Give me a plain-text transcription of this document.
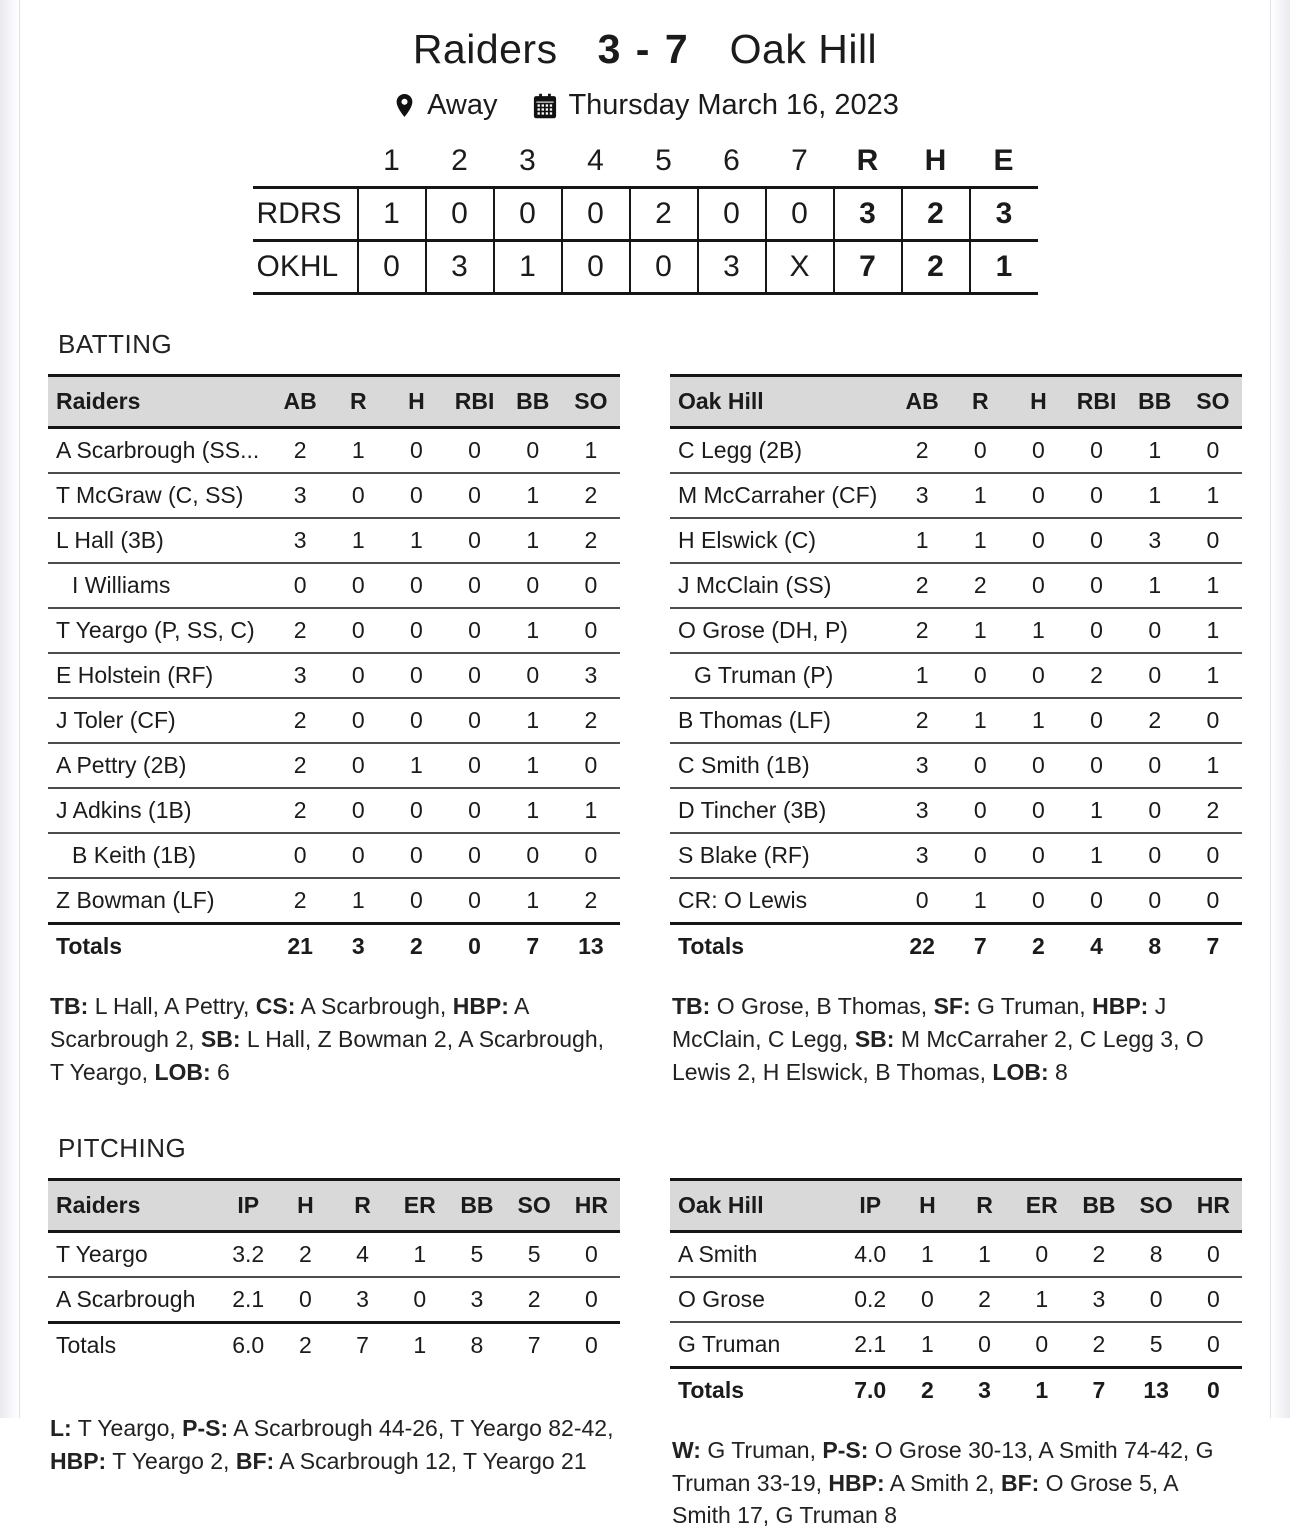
Raiders 3 - 7 Oak Hill
Away Thursday March 16, 2023
	1	2	3	4	5	6	7	R	H	E
RDRS	1	0	0	0	2	0	0	3	2	3
OKHL	0	3	1	0	0	3	X	7	2	1
BATTING
Raiders	AB	R	H	RBI	BB	SO
A Scarbrough (SS...	2	1	0	0	0	1
T McGraw (C, SS)	3	0	0	0	1	2
L Hall (3B)	3	1	1	0	1	2
I Williams	0	0	0	0	0	0
T Yeargo (P, SS, C)	2	0	0	0	1	0
E Holstein (RF)	3	0	0	0	0	3
J Toler (CF)	2	0	0	0	1	2
A Pettry (2B)	2	0	1	0	1	0
J Adkins (1B)	2	0	0	0	1	1
B Keith (1B)	0	0	0	0	0	0
Z Bowman (LF)	2	1	0	0	1	2
Totals	21	3	2	0	7	13
TB: L Hall, A Pettry, CS: A Scarbrough, HBP: A Scarbrough 2, SB: L Hall, Z Bowman 2, A Scarbrough, T Yeargo, LOB: 6
Oak Hill	AB	R	H	RBI	BB	SO
C Legg (2B)	2	0	0	0	1	0
M McCarraher (CF)	3	1	0	0	1	1
H Elswick (C)	1	1	0	0	3	0
J McClain (SS)	2	2	0	0	1	1
O Grose (DH, P)	2	1	1	0	0	1
G Truman (P)	1	0	0	2	0	1
B Thomas (LF)	2	1	1	0	2	0
C Smith (1B)	3	0	0	0	0	1
D Tincher (3B)	3	0	0	1	0	2
S Blake (RF)	3	0	0	1	0	0
CR: O Lewis	0	1	0	0	0	0
Totals	22	7	2	4	8	7
TB: O Grose, B Thomas, SF: G Truman, HBP: J McClain, C Legg, SB: M McCarraher 2, C Legg 3, O Lewis 2, H Elswick, B Thomas, LOB: 8
PITCHING
Raiders	IP	H	R	ER	BB	SO	HR
T Yeargo	3.2	2	4	1	5	5	0
A Scarbrough	2.1	0	3	0	3	2	0
Totals	6.0	2	7	1	8	7	0
L: T Yeargo, P-S: A Scarbrough 44-26, T Yeargo 82-42, HBP: T Yeargo 2, BF: A Scarbrough 12, T Yeargo 21
Oak Hill	IP	H	R	ER	BB	SO	HR
A Smith	4.0	1	1	0	2	8	0
O Grose	0.2	0	2	1	3	0	0
G Truman	2.1	1	0	0	2	5	0
Totals	7.0	2	3	1	7	13	0
W: G Truman, P-S: O Grose 30-13, A Smith 74-42, G Truman 33-19, HBP: A Smith 2, BF: O Grose 5, A Smith 17, G Truman 8
